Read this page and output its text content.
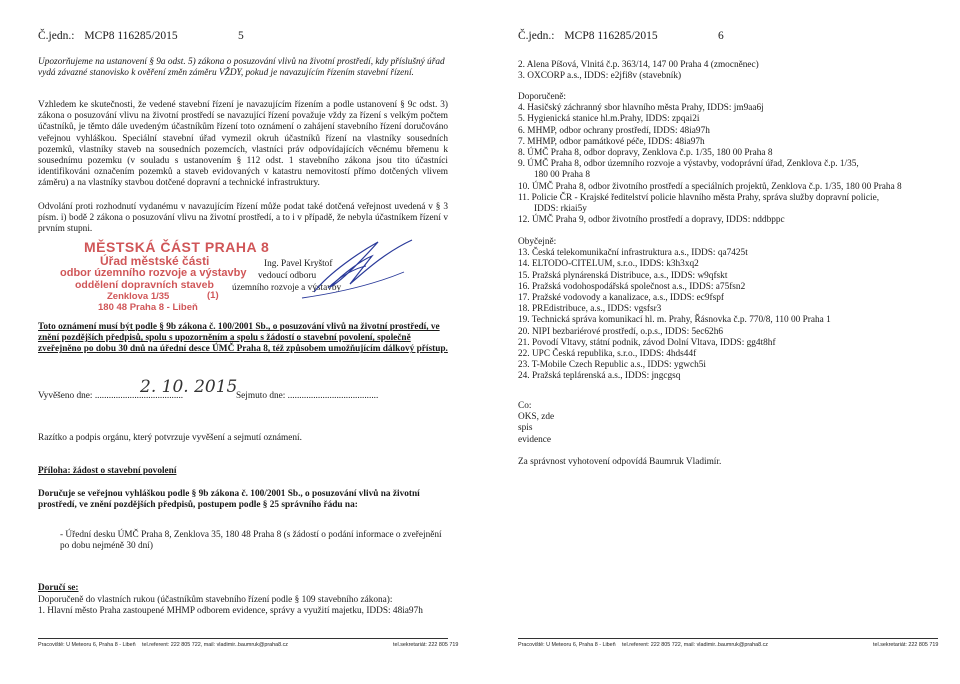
Č.jedn.: MCP8 116285/2015	5
Upozorňujeme na ustanovení § 9a odst. 5) zákona o posuzování vlivů na životní prostředí, kdy příslušný úřad vydá závazné stanovisko k ověření změn záměru VŽDY, pokud je navazujícím řízením stavební řízení.
Vzhledem ke skutečnosti, že vedené stavební řízení je navazujícím řízením a podle ustanovení § 9c odst. 3) zákona o posuzování vlivu na životní prostředí se navazující řízení považuje vždy za řízení s velkým počtem účastníků, je těmto dále uvedeným účastníkům řízení toto oznámení o zahájení stavebního řízení doručováno veřejnou vyhláškou. Speciální stavební úřad vymezil okruh účastníků řízení na vlastníky sousedních pozemků, vlastníky staveb na sousedních pozemcích, vlastníci práv odpovídajících věcnému břemenu k sousednímu pozemku (v souladu s ustanovením § 112 odst. 1 stavebního zákona jsou tito účastníci identifikováni označením pozemků a staveb evidovaných v katastru nemovitostí přímo dotčených vlivem záměru) a na vlastníky stavbou dotčené dopravní a technické infrastruktury.
Odvolání proti rozhodnutí vydanému v navazujícím řízení může podat také dotčená veřejnost uvedená v § 3 písm. i) bodě 2 zákona o posuzování vlivu na životní prostředí, a to i v případě, že nebyla účastníkem řízení v prvním stupni.
MĚSTSKÁ ČÁST PRAHA 8
Úřad městské části
odbor územního rozvoje a výstavby
oddělení dopravních staveb
Zenklova 1/35	(1)
180 48 Praha 8 - Libeň
Ing. Pavel Kryštof
vedoucí odboru
územního rozvoje a výstavby
Toto oznámení musí být podle § 9b zákona č. 100/2001 Sb., o posuzování vlivů na životní prostředí, ve znění pozdějších předpisů, spolu s upozorněním a spolu s žádostí o stavební povolení, společně zveřejněno po dobu 30 dnů na úřední desce ÚMČ Praha 8, též způsobem umožňujícím dálkový přístup.
2. 10. 2015
Vyvěšeno dne: ......................................	Sejmuto dne: .......................................
Razítko a podpis orgánu, který potvrzuje vyvěšení a sejmutí oznámení.
Příloha: žádost o stavební povolení
Doručuje se veřejnou vyhláškou podle § 9b zákona č. 100/2001 Sb., o posuzování vlivů na životní prostředí, ve znění pozdějších předpisů, postupem podle § 25 správního řádu na:
- Úřední desku ÚMČ Praha 8, Zenklova 35, 180 48 Praha 8 (s žádostí o podání informace o zveřejnění po dobu nejméně 30 dní)
Doručí se:
Doporučeně do vlastních rukou (účastníkům stavebního řízení podle § 109 stavebního zákona):
1. Hlavní město Praha zastoupené MHMP odborem evidence, správy a využití majetku, IDDS: 48ia97h
Pracoviště: U Meteoru 6, Praha 8 - Libeň tel.referent: 222 805 722, mail: vladimir..baumruk@praha8.cz	tel.sekretariát: 222 805 719
Č.jedn.: MCP8 116285/2015	6
2. Alena Píšová, Vlnitá č.p. 363/14, 147 00 Praha 4 (zmocněnec)
3. OXCORP a.s., IDDS: e2jfi8v (stavebník)
Doporučeně:
4. Hasičský záchranný sbor hlavního města Prahy, IDDS: jm9aa6j
5. Hygienická stanice hl.m.Prahy, IDDS: zpqai2i
6. MHMP, odbor ochrany prostředí, IDDS: 48ia97h
7. MHMP, odbor památkové péče, IDDS: 48ia97h
8. ÚMČ Praha 8, odbor dopravy, Zenklova č.p. 1/35, 180 00 Praha 8
9. ÚMČ Praha 8, odbor územního rozvoje a výstavby, vodoprávní úřad, Zenklova č.p. 1/35,
180 00 Praha 8
10. ÚMČ Praha 8, odbor životního prostředí a speciálních projektů, Zenklova č.p. 1/35, 180 00 Praha 8
11. Policie ČR - Krajské ředitelství policie hlavního města Prahy, správa služby dopravní policie,
IDDS: rkiai5y
12. ÚMČ Praha 9, odbor životního prostředí a dopravy, IDDS: nddbppc
Obyčejně:
13. Česká telekomunikační infrastruktura a.s., IDDS: qa7425t
14. ELTODO-CITELUM, s.r.o., IDDS: k3h3xq2
15. Pražská plynárenská Distribuce, a.s., IDDS: w9qfskt
16. Pražská vodohospodářská společnost a.s., IDDS: a75fsn2
17. Pražské vodovody a kanalizace, a.s., IDDS: ec9fspf
18. PREdistribuce, a.s., IDDS: vgsfsr3
19. Technická správa komunikací hl. m. Prahy, Řásnovka č.p. 770/8, 110 00 Praha 1
20. NIPI bezbariérové prostředí, o.p.s., IDDS: 5ec62h6
21. Povodí Vltavy, státní podnik, závod Dolní Vltava, IDDS: gg4t8hf
22. UPC Česká republika, s.r.o., IDDS: 4hds44f
23. T-Mobile Czech Republic a.s., IDDS: ygwch5i
24. Pražská teplárenská a.s., IDDS: jngcgsq
Co:
OKS, zde
spis
evidence
Za správnost vyhotovení odpovídá Baumruk Vladimír.
Pracoviště: U Meteoru 6, Praha 8 - Libeň tel.referent: 222 805 722, mail: vladimir..baumruk@praha8.cz	tel.sekretariát: 222 805 719
